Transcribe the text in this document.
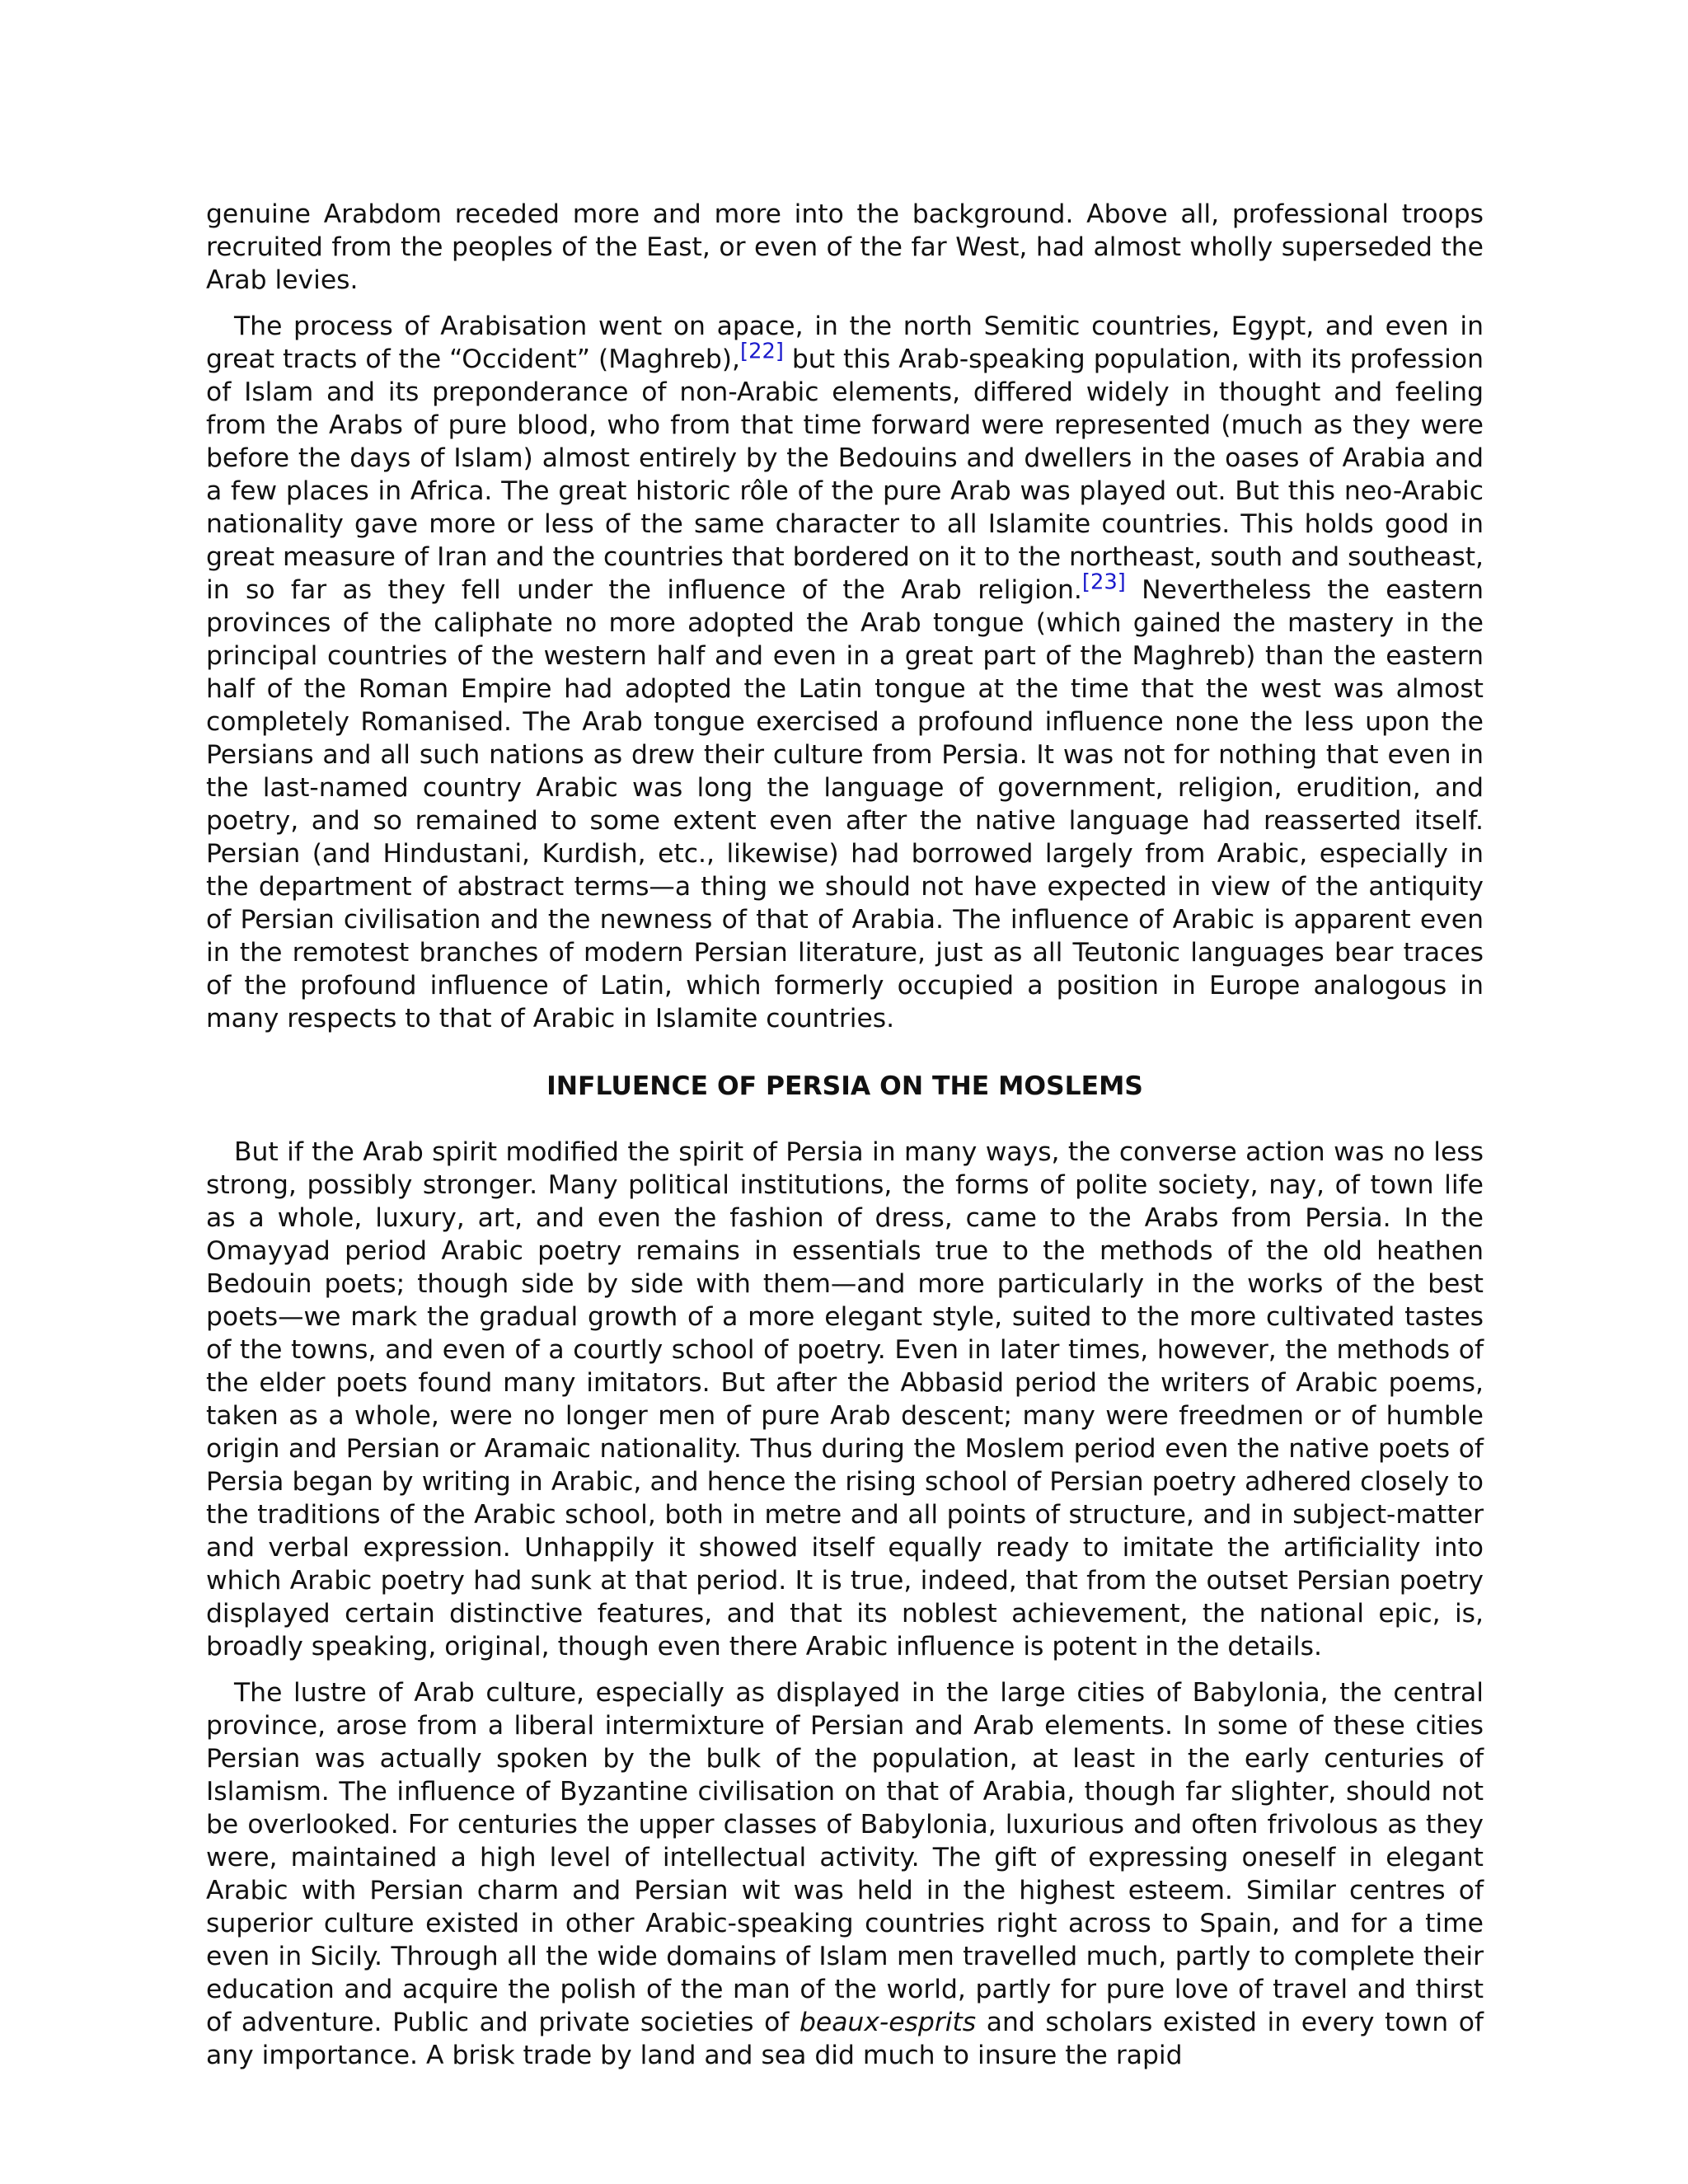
genuine Arabdom receded more and more into the background. Above all, professional troops recruited from the peoples of the East, or even of the far West, had almost wholly superseded the Arab levies.

The process of Arabisation went on apace, in the north Semitic countries, Egypt, and even in great tracts of the “Occident” (Maghreb),[22] but this Arab-speaking population, with its profession of Islam and its preponderance of non-Arabic elements, differed widely in thought and feeling from the Arabs of pure blood, who from that time forward were represented (much as they were before the days of Islam) almost entirely by the Bedouins and dwellers in the oases of Arabia and a few places in Africa. The great historic rôle of the pure Arab was played out. But this neo-Arabic nationality gave more or less of the same character to all Islamite countries. This holds good in great measure of Iran and the countries that bordered on it to the northeast, south and southeast, in so far as they fell under the influence of the Arab religion.[23] Nevertheless the eastern provinces of the caliphate no more adopted the Arab tongue (which gained the mastery in the principal countries of the western half and even in a great part of the Maghreb) than the eastern half of the Roman Empire had adopted the Latin tongue at the time that the west was almost completely Romanised. The Arab tongue exercised a profound influence none the less upon the Persians and all such nations as drew their culture from Persia. It was not for nothing that even in the last-named country Arabic was long the language of government, religion, erudition, and poetry, and so remained to some extent even after the native language had reasserted itself. Persian (and Hindustani, Kurdish, etc., likewise) had borrowed largely from Arabic, especially in the department of abstract terms—a thing we should not have expected in view of the antiquity of Persian civilisation and the newness of that of Arabia. The influence of Arabic is apparent even in the remotest branches of modern Persian literature, just as all Teutonic languages bear traces of the profound influence of Latin, which formerly occupied a position in Europe analogous in many respects to that of Arabic in Islamite countries.

INFLUENCE OF PERSIA ON THE MOSLEMS

But if the Arab spirit modified the spirit of Persia in many ways, the converse action was no less strong, possibly stronger. Many political institutions, the forms of polite society, nay, of town life as a whole, luxury, art, and even the fashion of dress, came to the Arabs from Persia. In the Omayyad period Arabic poetry remains in essentials true to the methods of the old heathen Bedouin poets; though side by side with them—and more particularly in the works of the best poets—we mark the gradual growth of a more elegant style, suited to the more cultivated tastes of the towns, and even of a courtly school of poetry. Even in later times, however, the methods of the elder poets found many imitators. But after the Abbasid period the writers of Arabic poems, taken as a whole, were no longer men of pure Arab descent; many were freedmen or of humble origin and Persian or Aramaic nationality. Thus during the Moslem period even the native poets of Persia began by writing in Arabic, and hence the rising school of Persian poetry adhered closely to the traditions of the Arabic school, both in metre and all points of structure, and in subject-matter and verbal expression. Unhappily it showed itself equally ready to imitate the artificiality into which Arabic poetry had sunk at that period. It is true, indeed, that from the outset Persian poetry displayed certain distinctive features, and that its noblest achievement, the national epic, is, broadly speaking, original, though even there Arabic influence is potent in the details.

The lustre of Arab culture, especially as displayed in the large cities of Babylonia, the central province, arose from a liberal intermixture of Persian and Arab elements. In some of these cities Persian was actually spoken by the bulk of the population, at least in the early centuries of Islamism. The influence of Byzantine civilisation on that of Arabia, though far slighter, should not be overlooked. For centuries the upper classes of Babylonia, luxurious and often frivolous as they were, maintained a high level of intellectual activity. The gift of expressing oneself in elegant Arabic with Persian charm and Persian wit was held in the highest esteem. Similar centres of superior culture existed in other Arabic-speaking countries right across to Spain, and for a time even in Sicily. Through all the wide domains of Islam men travelled much, partly to complete their education and acquire the polish of the man of the world, partly for pure love of travel and thirst of adventure. Public and private societies of beaux-esprits and scholars existed in every town of any importance. A brisk trade by land and sea did much to insure the rapid
